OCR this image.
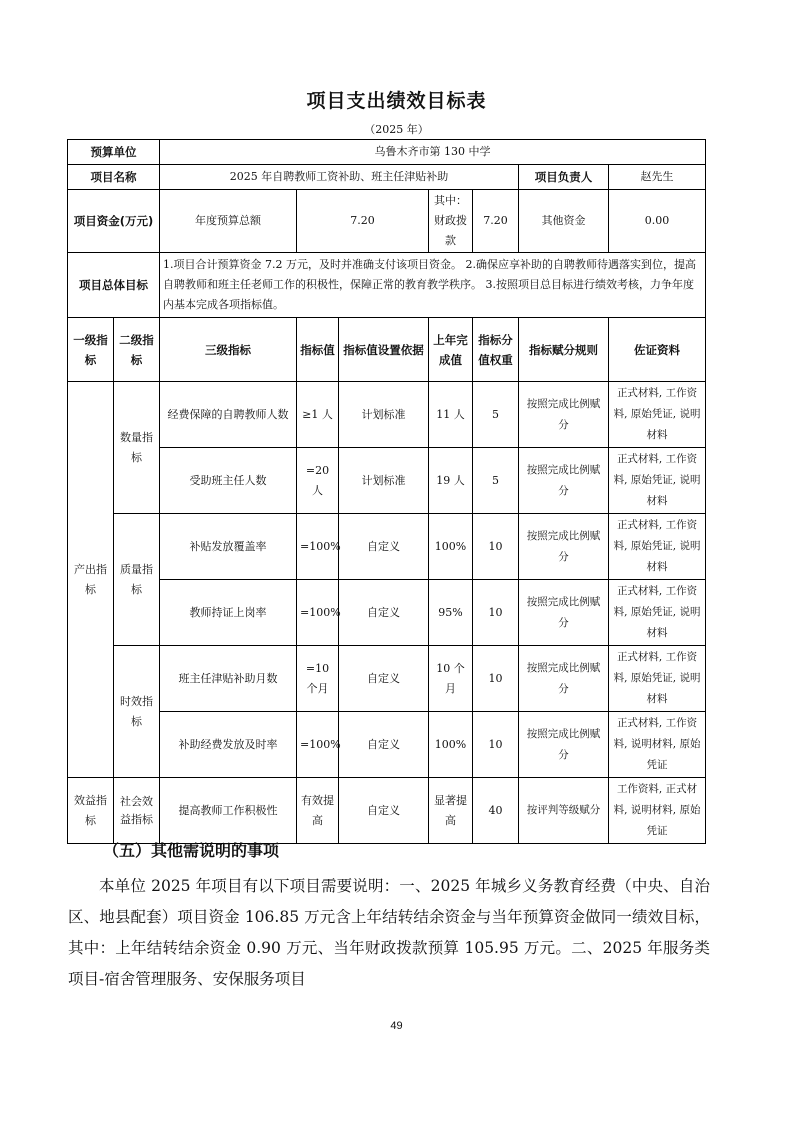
项目支出绩效目标表
（2025 年）
预算单位		乌鲁木齐市第 130 中学						
项目名称		2025 年自聘教师工资补助、班主任津贴补助					项目负责人	赵先生
项目资金(万元)		年度预算总额	7.20		其中：财政拨款	7.20	其他资金	0.00
项目总体目标		1.项目合计预算资金 7.2 万元，及时并准确支付该项目资金。 2.确保应享补助的自聘教师待遇落实到位，提高自聘教师和班主任老师工作的积极性，保障正常的教育教学秩序。 3.按照项目总目标进行绩效考核，力争年度内基本完成各项指标值。						
一级指标	二级指标	三级指标	指标值	指标值设置依据	上年完成值	指标分值权重	指标赋分规则	佐证资料
产出指标	数量指标	经费保障的自聘教师人数	≥1 人	计划标准	11 人	5	按照完成比例赋分	正式材料, 工作资料, 原始凭证, 说明材料
		受助班主任人数	=20 人	计划标准	19 人	5	按照完成比例赋分	正式材料, 工作资料, 原始凭证, 说明材料
	质量指标	补贴发放覆盖率	=100%	自定义	100%	10	按照完成比例赋分	正式材料, 工作资料, 原始凭证, 说明材料
		教师持证上岗率	=100%	自定义	95%	10	按照完成比例赋分	正式材料, 工作资料, 原始凭证, 说明材料
	时效指标	班主任津贴补助月数	=10 个月	自定义	10 个月	10	按照完成比例赋分	正式材料, 工作资料, 原始凭证, 说明材料
		补助经费发放及时率	=100%	自定义	100%	10	按照完成比例赋分	正式材料, 工作资料, 说明材料, 原始凭证
效益指标	社会效益指标	提高教师工作积极性	有效提高	自定义	显著提高	40	按评判等级赋分	工作资料, 正式材料, 说明材料, 原始凭证
（五）其他需说明的事项

本单位 2025 年项目有以下项目需要说明：一、2025 年城乡义务教育经费（中央、自治区、地县配套）项目资金 106.85 万元含上年结转结余资金与当年预算资金做同一绩效目标，其中：上年结转结余资金 0.90 万元、当年财政拨款预算 105.95 万元。二、2025 年服务类项目-宿舍管理服务、安保服务项目

49
